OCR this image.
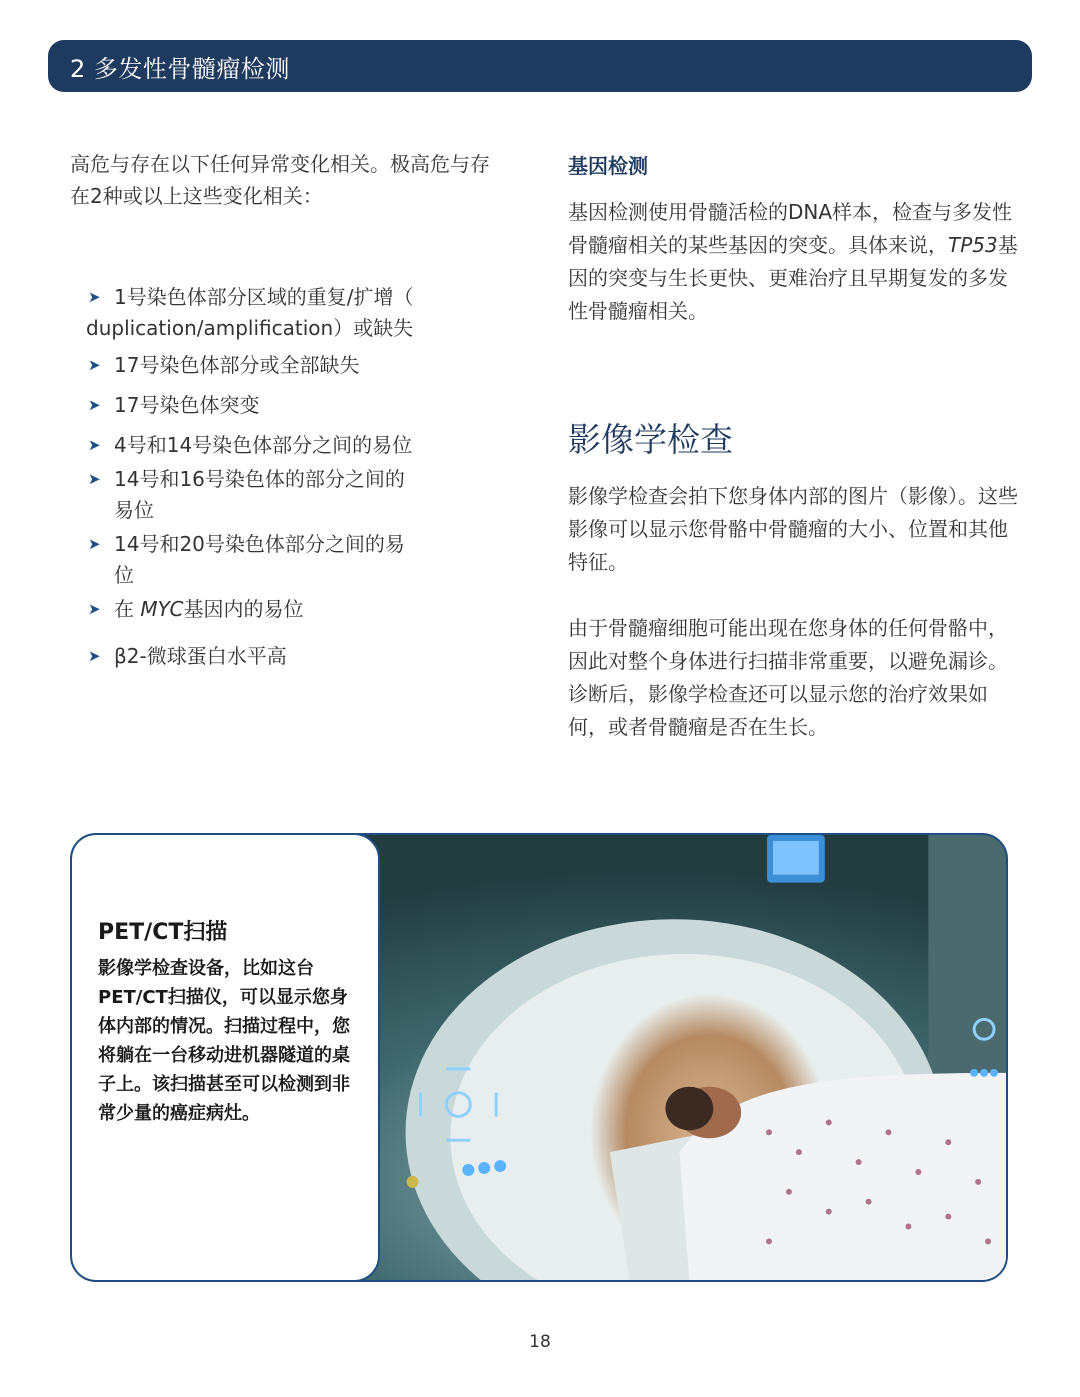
2 多发性骨髓瘤检测
高危与存在以下任何异常变化相关。极高危与存在2种或以上这些变化相关：
➤ 1号染色体部分区域的重复/扩增（
duplication/amplification）或缺失
➤ 17号染色体部分或全部缺失
➤ 17号染色体突变
➤ 4号和14号染色体部分之间的易位
➤ 14号和16号染色体的部分之间的易位
➤ 14号和20号染色体部分之间的易位
➤ 在 MYC基因内的易位
➤ β2-微球蛋白水平高
基因检测
基因检测使用骨髓活检的DNA样本，检查与多发性骨髓瘤相关的某些基因的突变。具体来说，TP53基因的突变与生长更快、更难治疗且早期复发的多发性骨髓瘤相关。
影像学检查
影像学检查会拍下您身体内部的图片（影像）。这些影像可以显示您骨骼中骨髓瘤的大小、位置和其他特征。
由于骨髓瘤细胞可能出现在您身体的任何骨骼中，因此对整个身体进行扫描非常重要，以避免漏诊。诊断后，影像学检查还可以显示您的治疗效果如何，或者骨髓瘤是否在生长。
PET/CT扫描
影像学检查设备，比如这台PET/CT扫描仪，可以显示您身体内部的情况。扫描过程中，您将躺在一台移动进机器隧道的桌子上。该扫描甚至可以检测到非常少量的癌症病灶。
18
